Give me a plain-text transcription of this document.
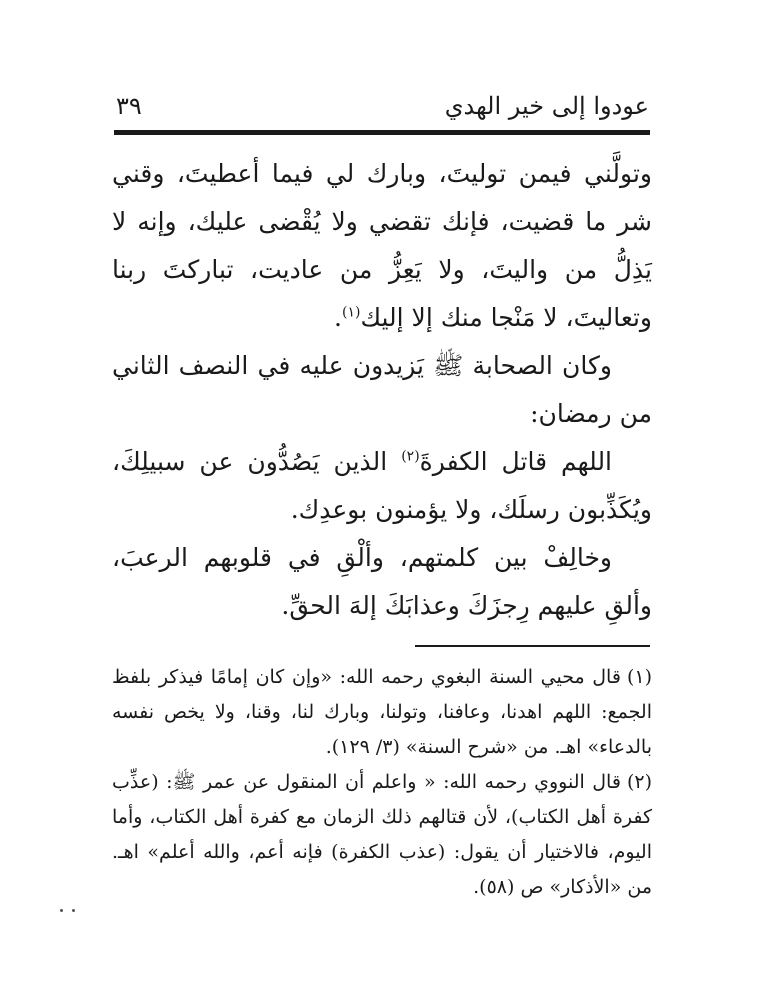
عودوا إلى خير الهدي
٣٩

وتولَّني فيمن توليتَ، وبارك لي فيما أعطيتَ، وقني شر ما قضيت، فإنك تقضي ولا يُقْضى عليك، وإنه لا يَذِلُّ من واليتَ، ولا يَعِزُّ من عاديت، تباركتَ ربنا وتعاليتَ، لا مَنْجا منك إلا إليك$^{(١)}$.

وكان الصحابة ﷺ يَزيدون عليه في النصف الثاني من رمضان:

اللهم قاتل الكفرةَ$^{(٢)}$ الذين يَصُدُّون عن سبيلِكَ، ويُكَذِّبون رسلَك، ولا يؤمنون بوعدِك.

وخالِفْ بين كلمتهم، وألْقِ في قلوبهم الرعبَ، وألقِ عليهم رِجزَكَ وعذابَكَ إلهَ الحقِّ.

(١)قال محيي السنة البغوي رحمه الله: «وإن كان إمامًا فيذكر بلفظ الجمع: اللهم اهدنا، وعافنا، وتولنا، وبارك لنا، وقنا، ولا يخص نفسه بالدعاء» اهـ. من «شرح السنة» (٣/ ١٢٩).

(٢)قال النووي رحمه الله: « واعلم أن المنقول عن عمر ﷺ: (عذِّب كفرة أهل الكتاب)، لأن قتالهم ذلك الزمان مع كفرة أهل الكتاب، وأما اليوم، فالاختيار أن يقول: (عذب الكفرة) فإنه أعم، والله أعلم» اهـ. من «الأذكار» ص (٥٨).
